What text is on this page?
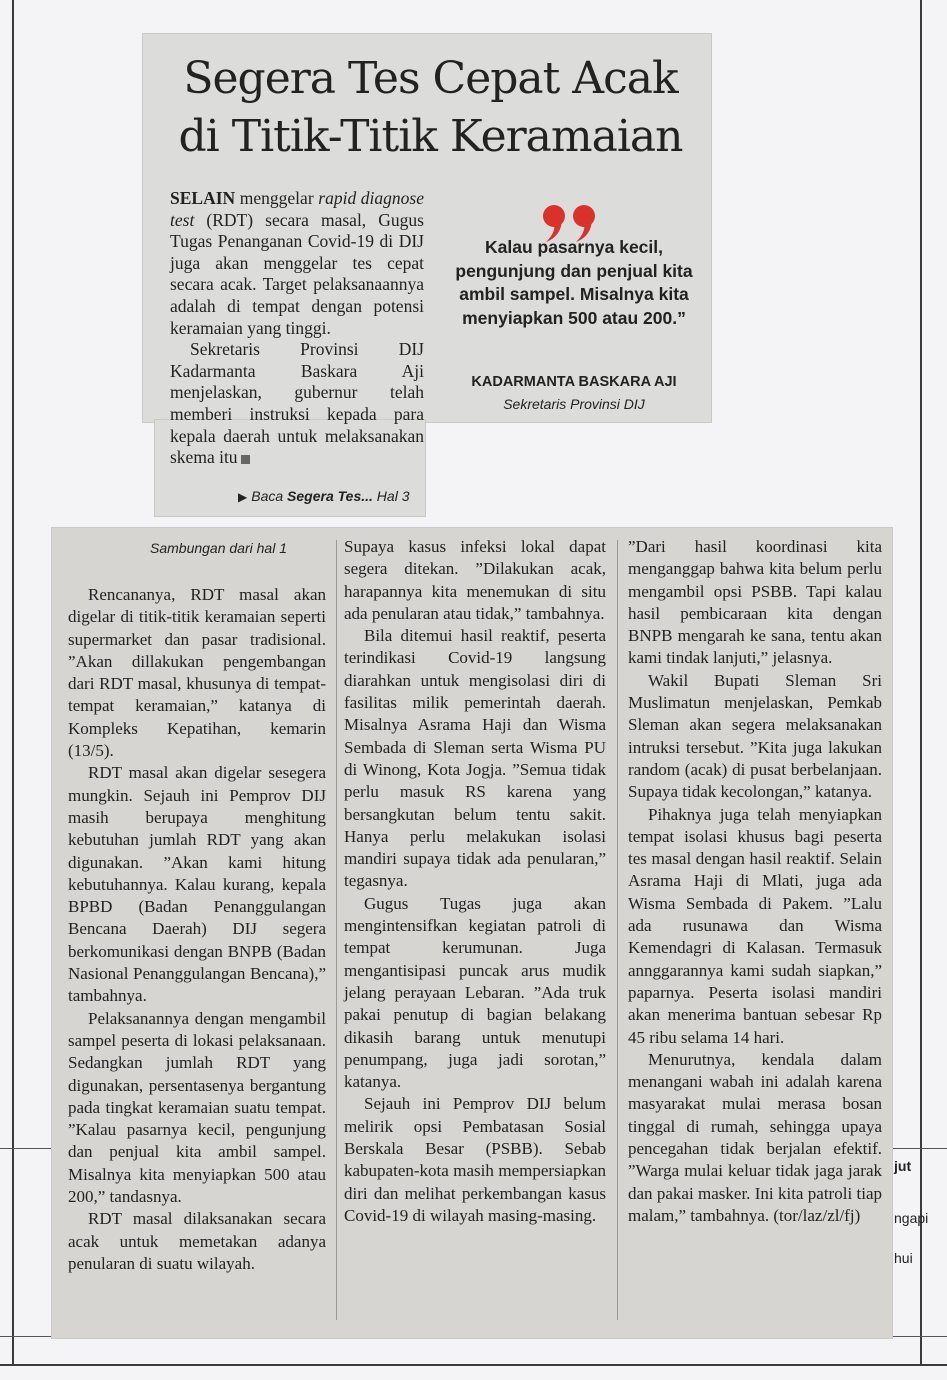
Segera Tes Cepat Acak
di Titik-Titik Keramaian

SELAIN menggelar rapid diagnose test (RDT) secara masal, Gugus Tugas Penanganan Covid-19 di DIJ juga akan menggelar tes cepat secara acak. Target pelaksanaannya adalah di tempat dengan potensi keramaian yang tinggi.

Sekretaris Provinsi DIJ Kadarmanta Baskara Aji menjelaskan, gubernur telah memberi instruksi kepada para kepala daerah untuk melaksanakan skema itu

Kalau pasarnya kecil, pengunjung dan penjual kita ambil sampel. Misalnya kita menyiapkan 500 atau 200.”
KADARMANTA BASKARA AJI
Sekretaris Provinsi DIJ
▶ Baca Segera Tes... Hal 3
Sambungan dari hal 1

Rencananya, RDT masal akan digelar di titik-titik keramaian seperti supermarket dan pasar tradisional. ”Akan dillakukan pengembangan dari RDT masal, khusunya di tempat-tempat keramaian,” katanya di Kompleks Kepatihan, kemarin (13/5).

RDT masal akan digelar sesegera mungkin. Sejauh ini Pemprov DIJ masih berupaya menghitung kebutuhan jumlah RDT yang akan digunakan. ”Akan kami hitung kebutuhannya. Kalau kurang, kepala BPBD (Badan Penanggulangan Bencana Daerah) DIJ segera berkomunikasi dengan BNPB (Badan Nasional Penanggulangan Bencana),” tambahnya.

Pelaksanannya dengan mengambil sampel peserta di lokasi pelaksanaan. Sedangkan jumlah RDT yang digunakan, persentasenya bergantung pada tingkat keramaian suatu tempat. ”Kalau pasarnya kecil, pengunjung dan penjual kita ambil sampel. Misalnya kita menyiapkan 500 atau 200,” tandasnya.

RDT masal dilaksanakan secara acak untuk memetakan adanya penularan di suatu wilayah.

Supaya kasus infeksi lokal dapat segera ditekan. ”Dilakukan acak, harapannya kita menemukan di situ ada penularan atau tidak,” tambahnya.

Bila ditemui hasil reaktif, peserta terindikasi Covid-19 langsung diarahkan untuk mengisolasi diri di fasilitas milik pemerintah daerah. Misalnya Asrama Haji dan Wisma Sembada di Sleman serta Wisma PU di Winong, Kota Jogja. ”Semua tidak perlu masuk RS karena yang bersangkutan belum tentu sakit. Hanya perlu melakukan isolasi mandiri supaya tidak ada penularan,” tegasnya.

Gugus Tugas juga akan mengintensifkan kegiatan patroli di tempat kerumunan. Juga mengantisipasi puncak arus mudik jelang perayaan Lebaran. ”Ada truk pakai penutup di bagian belakang dikasih barang untuk menutupi penumpang, juga jadi sorotan,” katanya.

Sejauh ini Pemprov DIJ belum melirik opsi Pembatasan Sosial Berskala Besar (PSBB). Sebab kabupaten-kota masih mempersiapkan diri dan melihat perkembangan kasus Covid-19 di wilayah masing-masing.

”Dari hasil koordinasi kita menganggap bahwa kita belum perlu mengambil opsi PSBB. Tapi kalau hasil pembicaraan kita dengan BNPB mengarah ke sana, tentu akan kami tindak lanjuti,” jelasnya.

Wakil Bupati Sleman Sri Muslimatun menjelaskan, Pemkab Sleman akan segera melaksanakan intruksi tersebut. ”Kita juga lakukan random (acak) di pusat berbelanjaan. Supaya tidak kecolongan,” katanya.

Pihaknya juga telah menyiapkan tempat isolasi khusus bagi peserta tes masal dengan hasil reaktif. Selain Asrama Haji di Mlati, juga ada Wisma Sembada di Pakem. ”Lalu ada rusunawa dan Wisma Kemendagri di Kalasan. Termasuk annggarannya kami sudah siapkan,” paparnya. Peserta isolasi mandiri akan menerima bantuan sebesar Rp 45 ribu selama 14 hari.

Menurutnya, kendala dalam menangani wabah ini adalah karena masyarakat mulai merasa bosan tinggal di rumah, sehingga upaya pencegahan tidak berjalan efektif. ”Warga mulai keluar tidak jaga jarak dan pakai masker. Ini kita patroli tiap malam,” tambahnya. (tor/laz/zl/fj)

jut
ngapi
hui
